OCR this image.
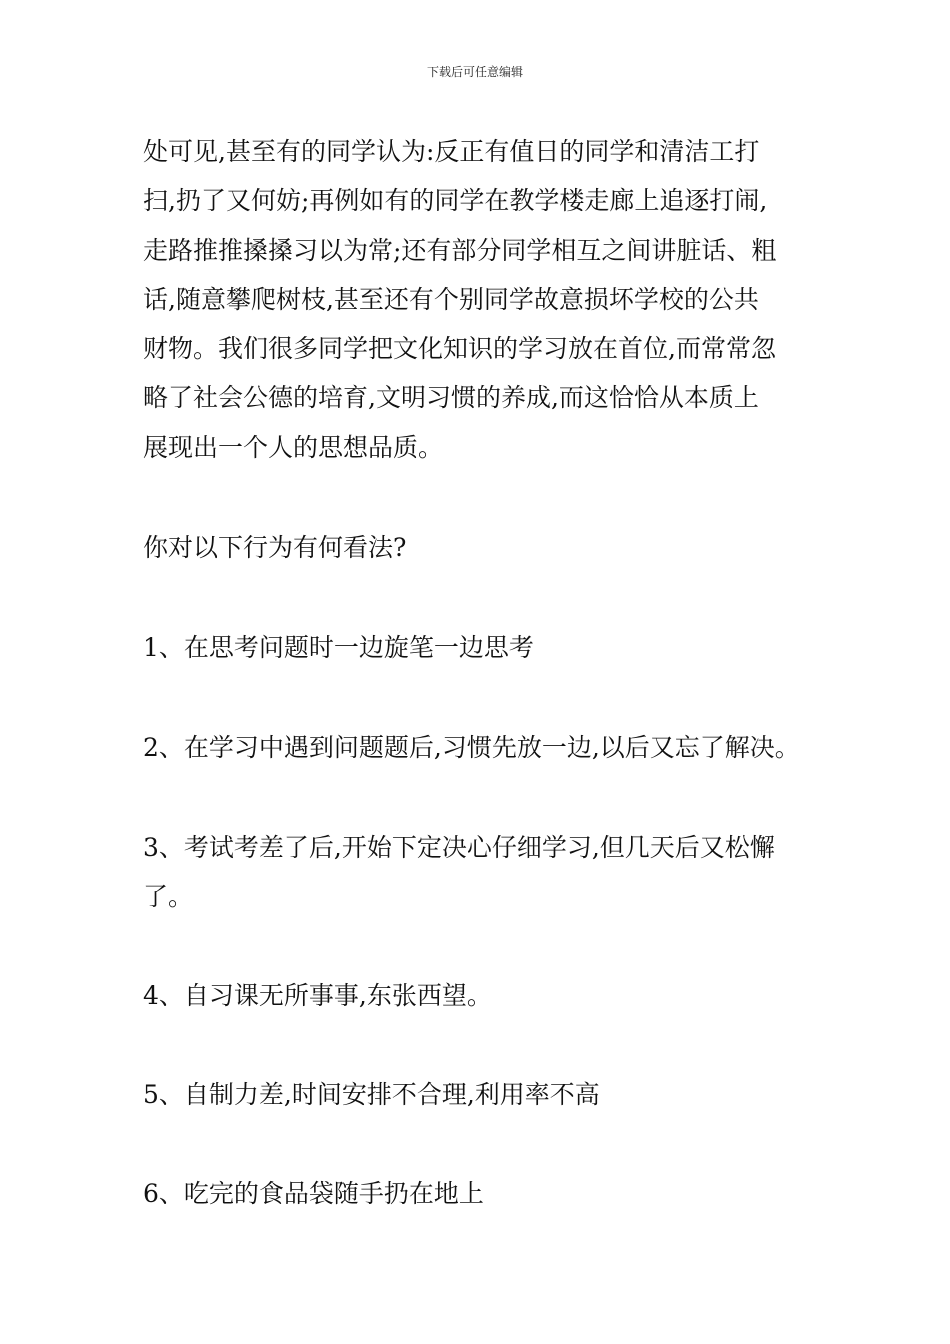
下载后可任意编辑
处可见,甚至有的同学认为:反正有值日的同学和清洁工打
扫,扔了又何妨;再例如有的同学在教学楼走廊上追逐打闹,
走路推推搡搡习以为常;还有部分同学相互之间讲脏话、粗
话,随意攀爬树枝,甚至还有个别同学故意损坏学校的公共
财物。我们很多同学把文化知识的学习放在首位,而常常忽
略了社会公德的培育,文明习惯的养成,而这恰恰从本质上
展现出一个人的思想品质。
你对以下行为有何看法?
1、在思考问题时一边旋笔一边思考
2、在学习中遇到问题题后,习惯先放一边,以后又忘了解决。
3、考试考差了后,开始下定决心仔细学习,但几天后又松懈
了。
4、自习课无所事事,东张西望。
5、自制力差,时间安排不合理,利用率不高
6、吃完的食品袋随手扔在地上
